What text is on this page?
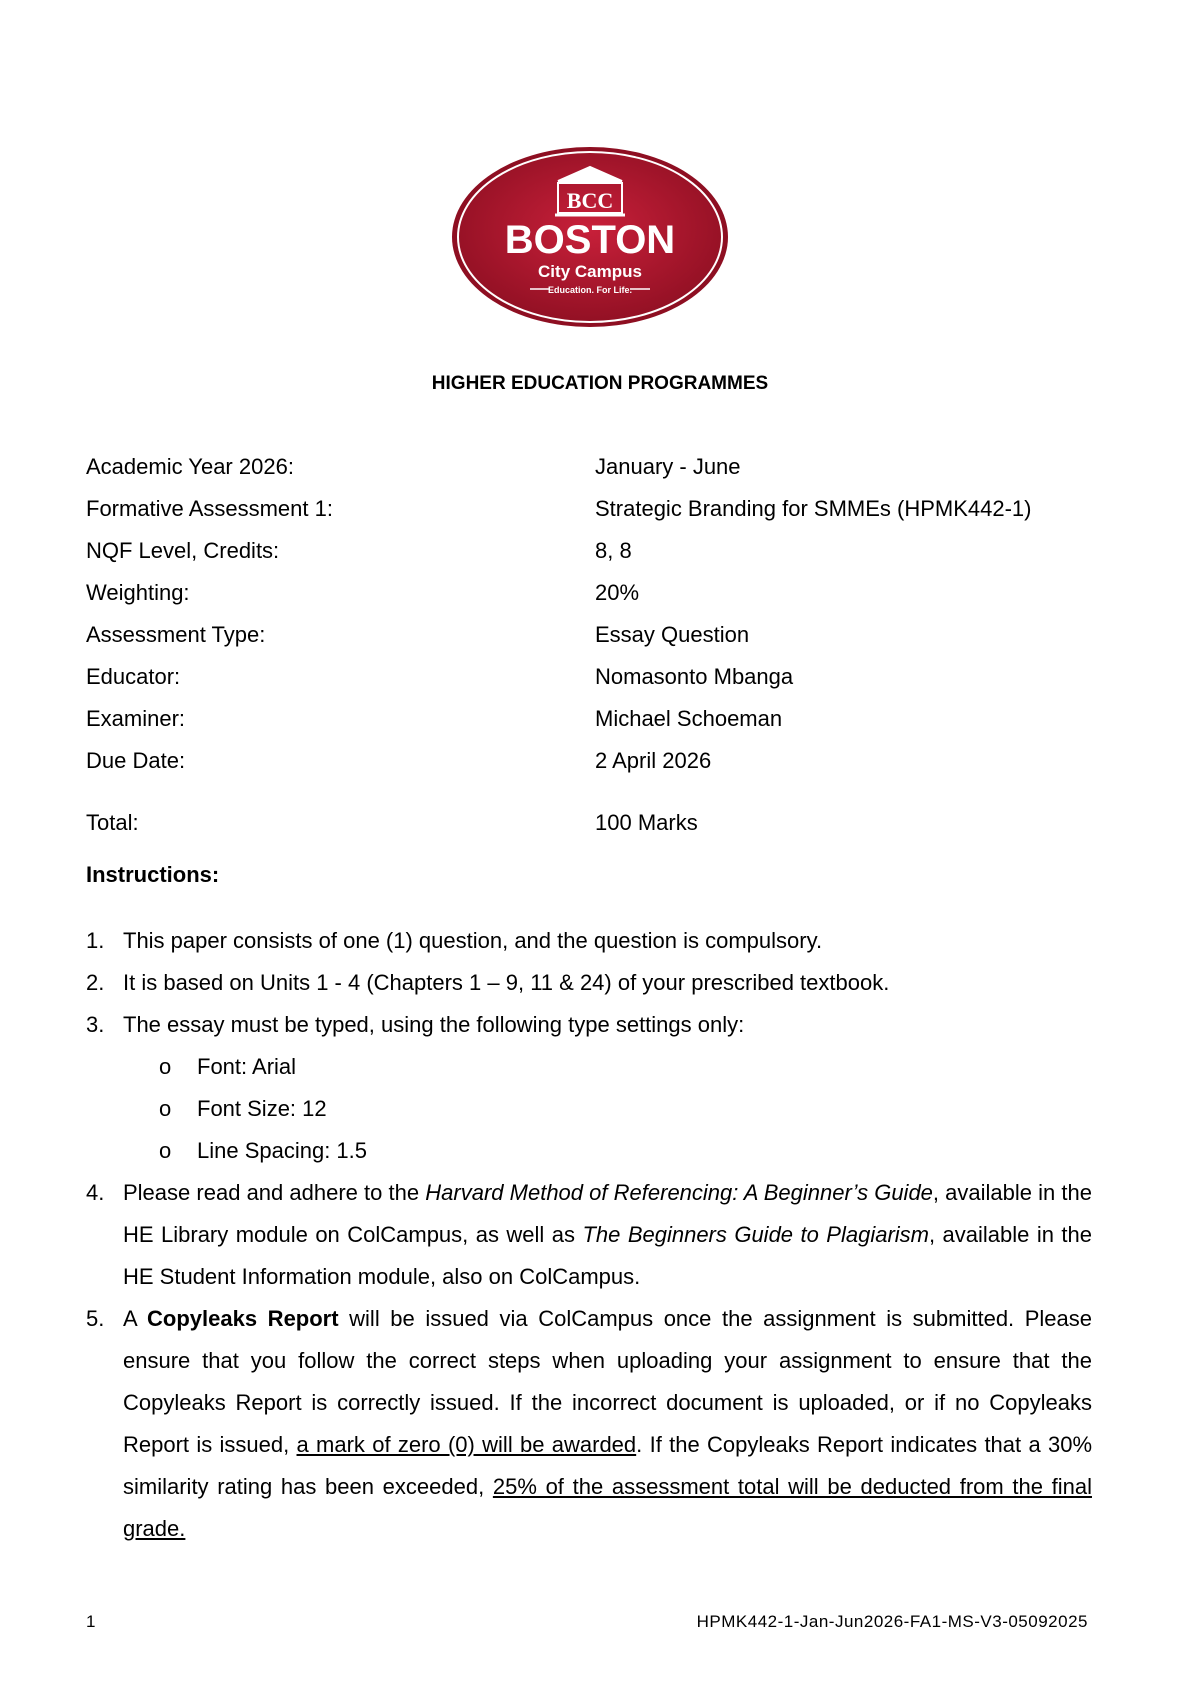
BCC
BOSTON
City Campus
Education. For Life.
HIGHER EDUCATION PROGRAMMES
Academic Year 2026:	January - June
Formative Assessment 1:	Strategic Branding for SMMEs (HPMK442-1)
NQF Level, Credits:	8, 8
Weighting:	20%
Assessment Type:	Essay Question
Educator:	Nomasonto Mbanga
Examiner:	Michael Schoeman
Due Date:	2 April 2026
Total:	100 Marks
Instructions:
1. This paper consists of one (1) question, and the question is compulsory.
2. It is based on Units 1 - 4 (Chapters 1 – 9, 11 & 24) of your prescribed textbook.
3. The essay must be typed, using the following type settings only:
o Font: Arial
o Font Size: 12
o Line Spacing: 1.5
4. Please read and adhere to the Harvard Method of Referencing: A Beginner’s Guide, available in the HE Library module on ColCampus, as well as The Beginners Guide to Plagiarism, available in the HE Student Information module, also on ColCampus.
5. A Copyleaks Report will be issued via ColCampus once the assignment is submitted. Please ensure that you follow the correct steps when uploading your assignment to ensure that the Copyleaks Report is correctly issued. If the incorrect document is uploaded, or if no Copyleaks Report is issued, a mark of zero (0) will be awarded. If the Copyleaks Report indicates that a 30% similarity rating has been exceeded, 25% of the assessment total will be deducted from the final grade.
1	HPMK442-1-Jan-Jun2026-FA1-MS-V3-05092025
